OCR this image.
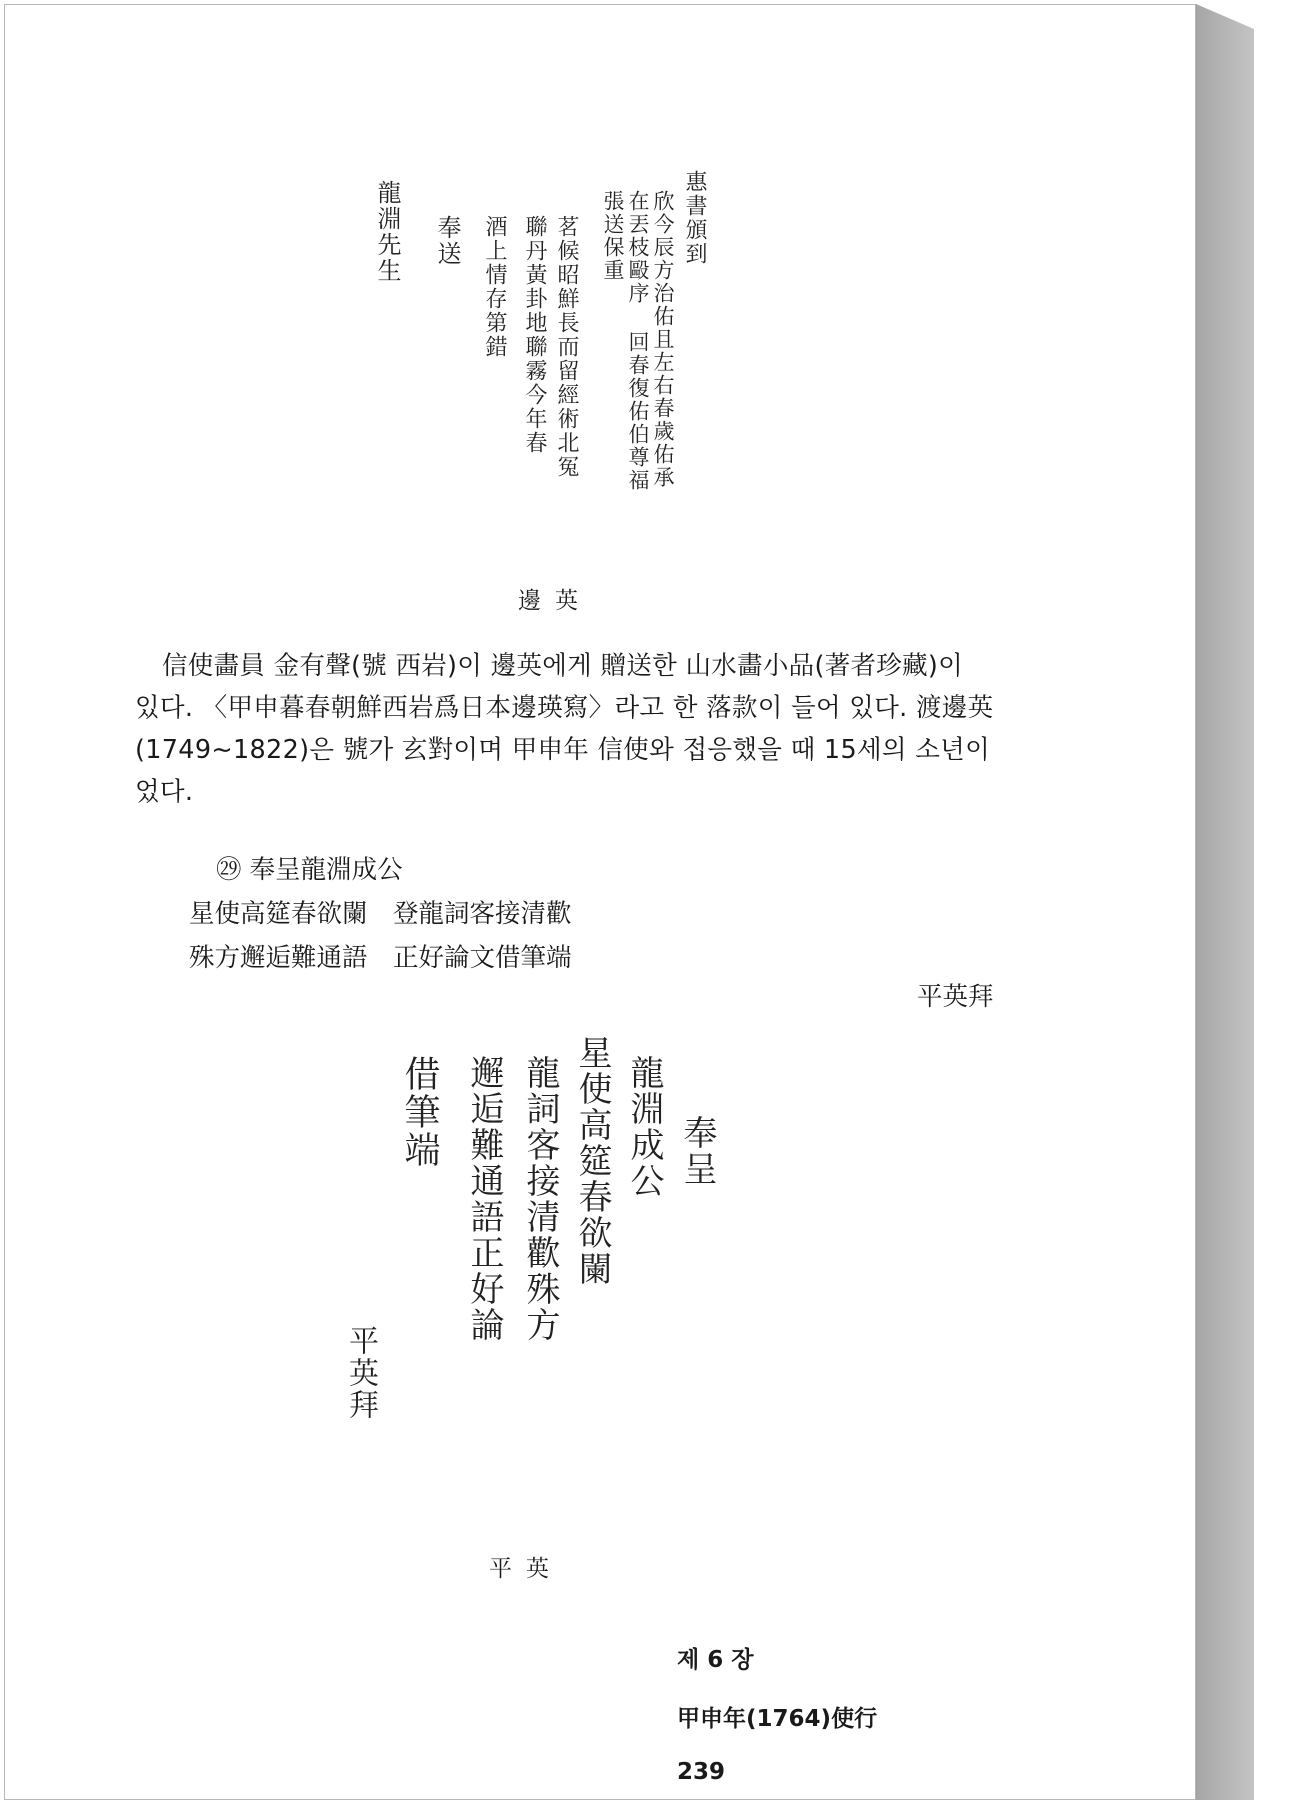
惠書頒到
欣今辰方治佑且左右春歲佑承
在丟枝毆序 回春復佑伯尊福
張送保重
茗候昭鮮長而留經術北冤
聯丹黃卦地聯霧今年春
酒上情存第錯
奉送
龍淵先生
邊英

信使畵員 金有聲(號 西岩)이 邊英에게 贈送한 山水畵小品(著者珍藏)이

있다. 〈甲申暮春朝鮮西岩爲日本邊瑛寫〉라고 한 落款이 들어 있다. 渡邊英

(1749∼1822)은 號가 玄對이며 甲申年 信使와 접응했을 때 15세의 소년이

었다.

㉙ 奉呈龍淵成公
星使高筵春欲闌　登龍詞客接清歡
殊方邂逅難通語　正好論文借筆端
平英拜
奉呈
龍淵成公
星使高筵春欲闌
龍詞客接清歡殊方
邂逅難通語正好論
借筆端
平英拜
平英

제 6 장

甲申年(1764)使行

239
